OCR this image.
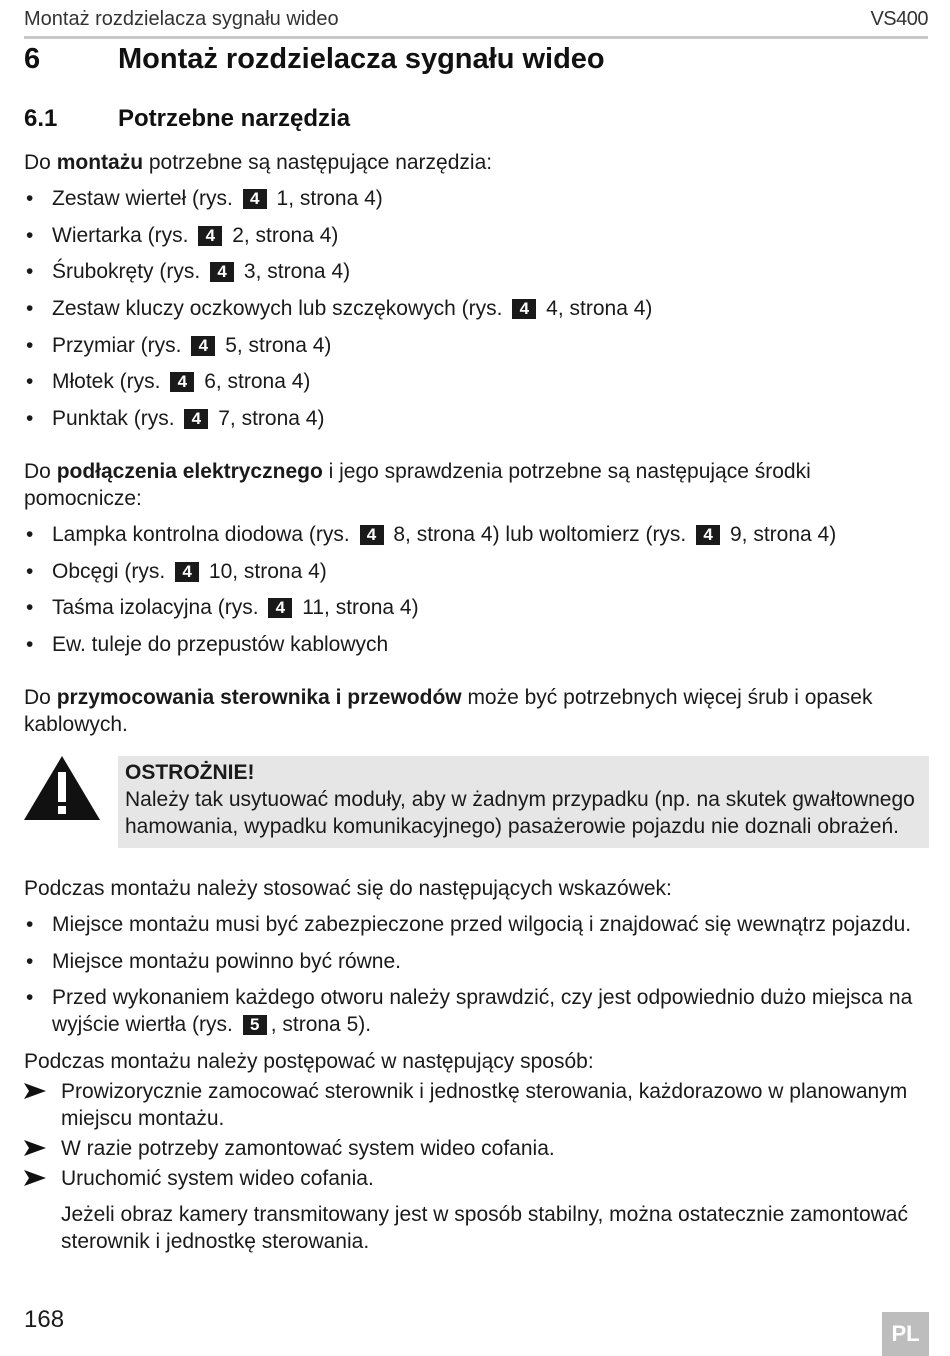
Montaż rozdzielacza sygnału wideo	VS400
6	Montaż rozdzielacza sygnału wideo
6.1	Potrzebne narzędzia

Do montażu potrzebne są następujące narzędzia:

• Zestaw wierteł (rys. 4 1, strona 4)
• Wiertarka (rys. 4 2, strona 4)
• Śrubokręty (rys. 4 3, strona 4)
• Zestaw kluczy oczkowych lub szczękowych (rys. 4 4, strona 4)
• Przymiar (rys. 4 5, strona 4)
• Młotek (rys. 4 6, strona 4)
• Punktak (rys. 4 7, strona 4)

Do podłączenia elektrycznego i jego sprawdzenia potrzebne są następujące środki pomocnicze:

• Lampka kontrolna diodowa (rys. 4 8, strona 4) lub woltomierz (rys. 4 9, strona 4)
• Obcęgi (rys. 4 10, strona 4)
• Taśma izolacyjna (rys. 4 11, strona 4)
• Ew. tuleje do przepustów kablowych

Do przymocowania sterownika i przewodów może być potrzebnych więcej śrub i opasek kablowych.

OSTROŻNIE!
Należy tak usytuować moduły, aby w żadnym przypadku (np. na skutek gwałtownego hamowania, wypadku komunikacyjnego) pasażerowie pojazdu nie doznali obrażeń.

Podczas montażu należy stosować się do następujących wskazówek:

• Miejsce montażu musi być zabezpieczone przed wilgocią i znajdować się wewnątrz pojazdu.
• Miejsce montażu powinno być równe.
• Przed wykonaniem każdego otworu należy sprawdzić, czy jest odpowiednio dużo miejsca na wyjście wiertła (rys. 5 , strona 5).

Podczas montażu należy postępować w następujący sposób:

Prowizorycznie zamocować sterownik i jednostkę sterowania, każdorazowo w planowanym miejscu montażu.
W razie potrzeby zamontować system wideo cofania.
Uruchomić system wideo cofania.

Jeżeli obraz kamery transmitowany jest w sposób stabilny, można ostatecznie zamontować sterownik i jednostkę sterowania.

168
PL
